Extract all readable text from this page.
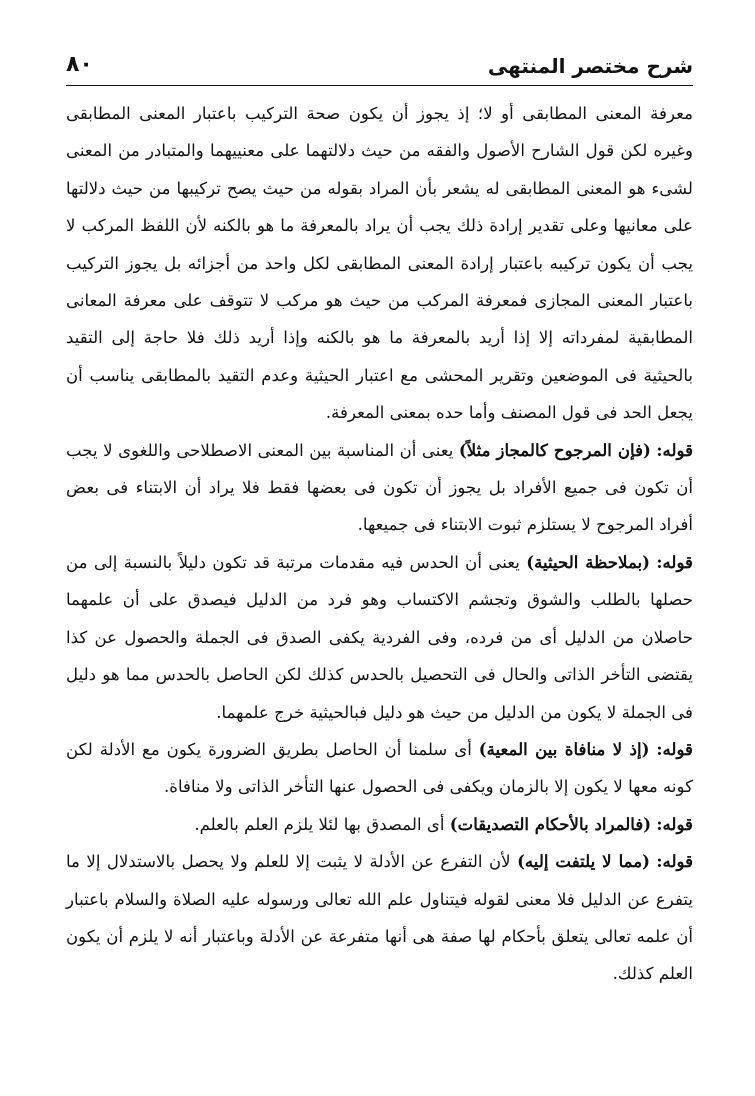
شرح مختصر المنتهى
٨٠

معرفة المعنى المطابقى أو لا؛ إذ يجوز أن يكون صحة التركيب باعتبار المعنى المطابقى وغيره لكن قول الشارح الأصول والفقه من حيث دلالتهما على معنييهما والمتبادر من المعنى لشىء هو المعنى المطابقى له يشعر بأن المراد بقوله من حيث يصح تركيبها من حيث دلالتها على معانيها وعلى تقدير إرادة ذلك يجب أن يراد بالمعرفة ما هو بالكنه لأن اللفظ المركب لا يجب أن يكون تركيبه باعتبار إرادة المعنى المطابقى لكل واحد من أجزائه بل يجوز التركيب باعتبار المعنى المجازى فمعرفة المركب من حيث هو مركب لا تتوقف على معرفة المعانى المطابقية لمفرداته إلا إذا أريد بالمعرفة ما هو بالكنه وإذا أريد ذلك فلا حاجة إلى التقيد بالحيثية فى الموضعين وتقرير المحشى مع اعتبار الحيثية وعدم التقيد بالمطابقى يناسب أن يجعل الحد فى قول المصنف وأما حده بمعنى المعرفة.

قوله: (فإن المرجوح كالمجاز مثلاً) يعنى أن المناسبة بين المعنى الاصطلاحى واللغوى لا يجب أن تكون فى جميع الأفراد بل يجوز أن تكون فى بعضها فقط فلا يراد أن الابتناء فى بعض أفراد المرجوح لا يستلزم ثبوت الابتناء فى جميعها.

قوله: (بملاحظة الحيثية) يعنى أن الحدس فيه مقدمات مرتبة قد تكون دليلاً بالنسبة إلى من حصلها بالطلب والشوق وتجشم الاكتساب وهو فرد من الدليل فيصدق على أن علمهما حاصلان من الدليل أى من فرده، وفى الفردية يكفى الصدق فى الجملة والحصول عن كذا يقتضى التأخر الذاتى والحال فى التحصيل بالحدس كذلك لكن الحاصل بالحدس مما هو دليل فى الجملة لا يكون من الدليل من حيث هو دليل فبالحيثية خرج علمهما.

قوله: (إذ لا منافاة بين المعية) أى سلمنا أن الحاصل بطريق الضرورة يكون مع الأدلة لكن كونه معها لا يكون إلا بالزمان ويكفى فى الحصول عنها التأخر الذاتى ولا منافاة.

قوله: (فالمراد بالأحكام التصديقات) أى المصدق بها لئلا يلزم العلم بالعلم.

قوله: (مما لا يلتفت إليه) لأن التفرع عن الأدلة لا يثبت إلا للعلم ولا يحصل بالاستدلال إلا ما يتفرع عن الدليل فلا معنى لقوله فيتناول علم الله تعالى ورسوله عليه الصلاة والسلام باعتبار أن علمه تعالى يتعلق بأحكام لها صفة هى أنها متفرعة عن الأدلة وباعتبار أنه لا يلزم أن يكون العلم كذلك.
